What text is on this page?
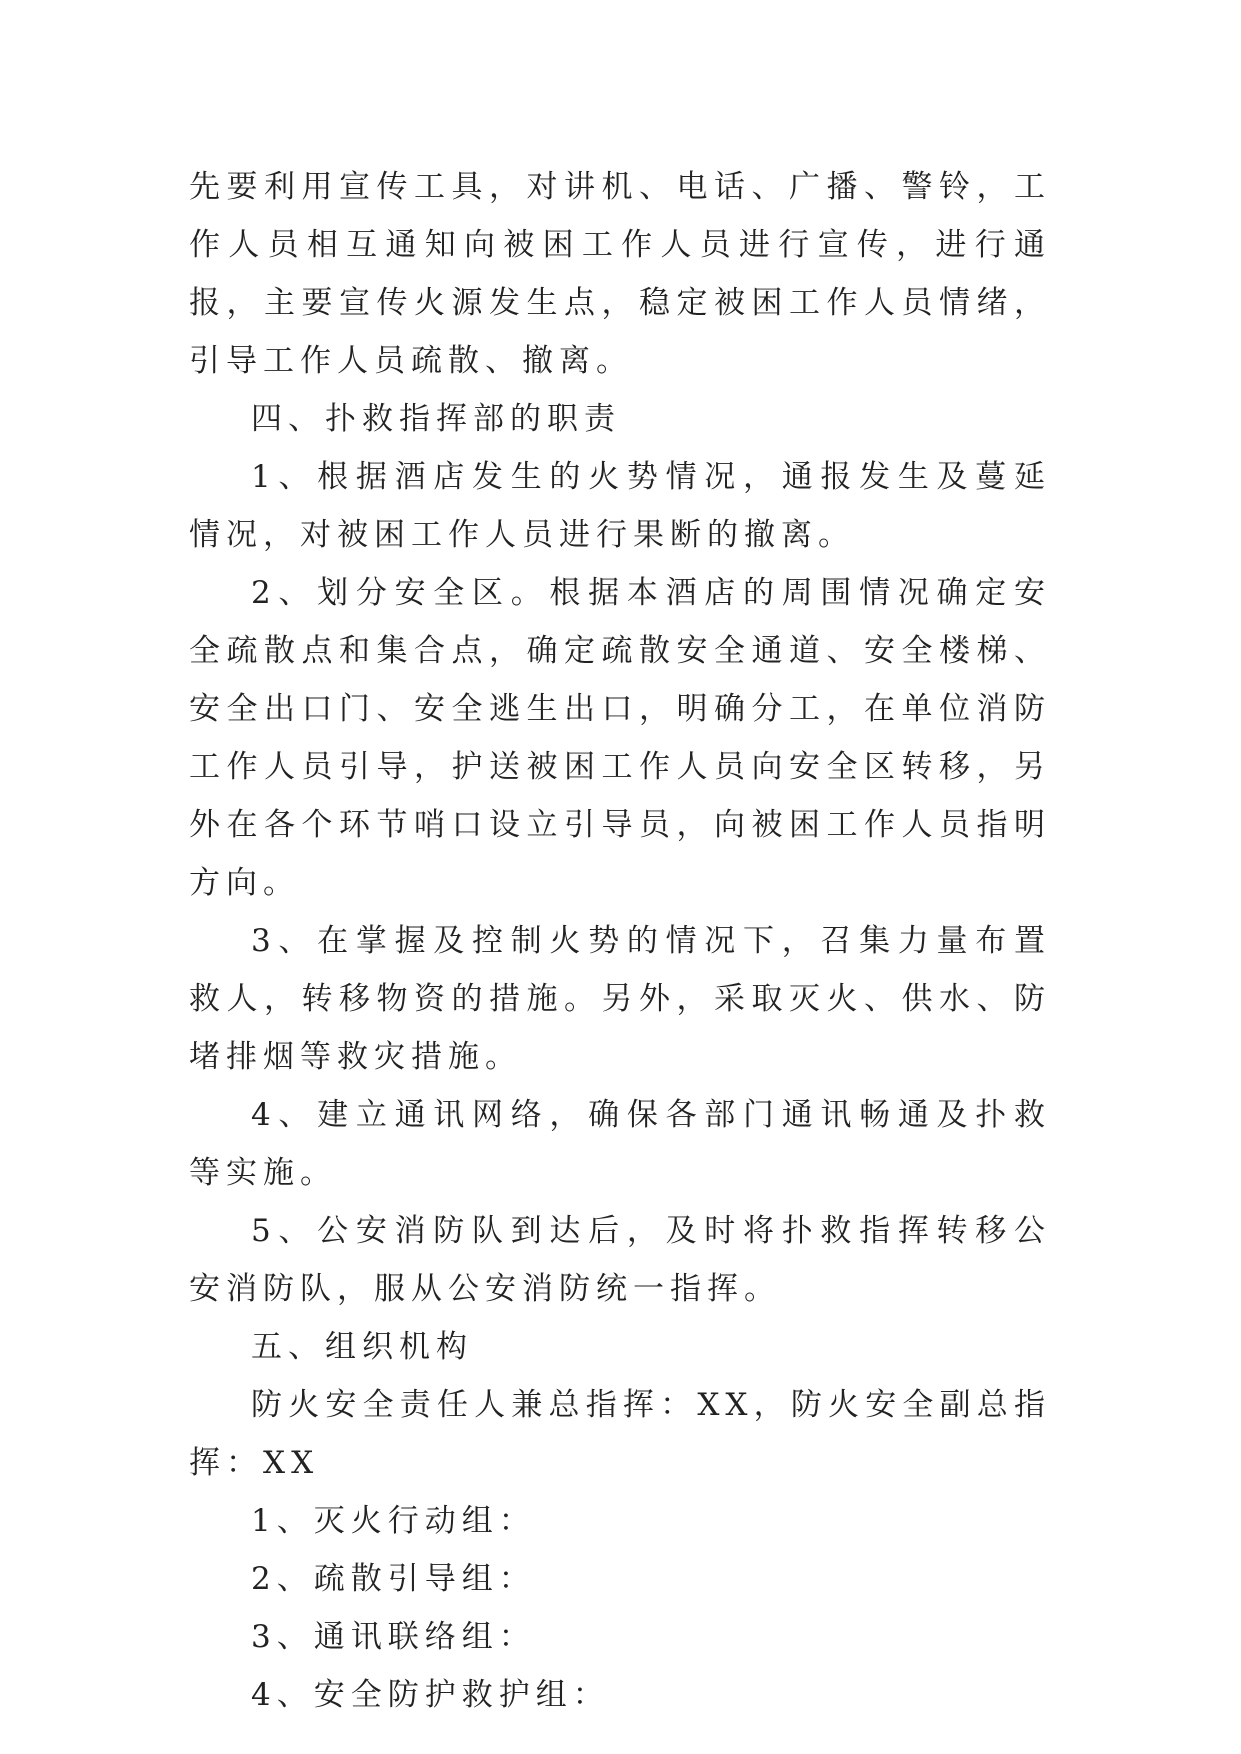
先要利用宣传工具，对讲机、电话、广播、警铃，工作人员相互通知向被困工作人员进行宣传，进行通报，主要宣传火源发生点，稳定被困工作人员情绪，引导工作人员疏散、撤离。

四、扑救指挥部的职责

1、根据酒店发生的火势情况，通报发生及蔓延情况，对被困工作人员进行果断的撤离。

2、划分安全区。根据本酒店的周围情况确定安全疏散点和集合点，确定疏散安全通道、安全楼梯、安全出口门、安全逃生出口，明确分工，在单位消防工作人员引导，护送被困工作人员向安全区转移，另外在各个环节哨口设立引导员，向被困工作人员指明方向。

3、在掌握及控制火势的情况下，召集力量布置救人，转移物资的措施。另外，采取灭火、供水、防堵排烟等救灾措施。

4、建立通讯网络，确保各部门通讯畅通及扑救等实施。

5、公安消防队到达后，及时将扑救指挥转移公安消防队，服从公安消防统一指挥。

五、组织机构

防火安全责任人兼总指挥：XX，防火安全副总指挥：XX

1、灭火行动组：

2、疏散引导组：

3、通讯联络组：

4、安全防护救护组：
